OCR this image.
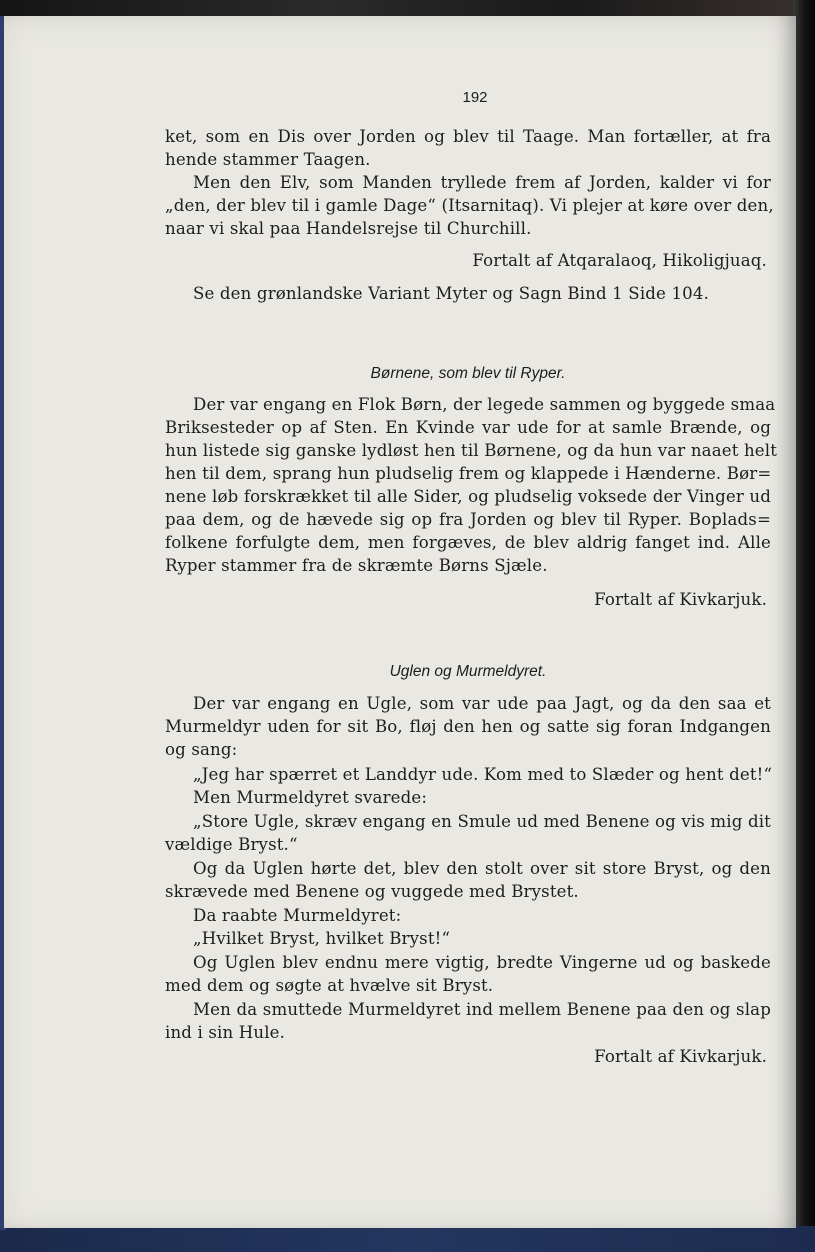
192
ket, som en Dis over Jorden og blev til Taage. Man fortæller, at fra
hende stammer Taagen.
Men den Elv, som Manden tryllede frem af Jorden, kalder vi for
„den, der blev til i gamle Dage“ (Itsarnitaq). Vi plejer at køre over den,
naar vi skal paa Handelsrejse til Churchill.
Fortalt af Atqaralaoq, Hikoligjuaq.
Se den grønlandske Variant Myter og Sagn Bind 1 Side 104.
Børnene, som blev til Ryper.
Der var engang en Flok Børn, der legede sammen og byggede smaa
Briksesteder op af Sten. En Kvinde var ude for at samle Brænde, og
hun listede sig ganske lydløst hen til Børnene, og da hun var naaet helt
hen til dem, sprang hun pludselig frem og klappede i Hænderne. Bør=
nene løb forskrækket til alle Sider, og pludselig voksede der Vinger ud
paa dem, og de hævede sig op fra Jorden og blev til Ryper. Boplads=
folkene forfulgte dem, men forgæves, de blev aldrig fanget ind. Alle
Ryper stammer fra de skræmte Børns Sjæle.
Fortalt af Kivkarjuk.
Uglen og Murmeldyret.
Der var engang en Ugle, som var ude paa Jagt, og da den saa et
Murmeldyr uden for sit Bo, fløj den hen og satte sig foran Indgangen
og sang:
„Jeg har spærret et Landdyr ude. Kom med to Slæder og hent det!“
Men Murmeldyret svarede:
„Store Ugle, skræv engang en Smule ud med Benene og vis mig dit
vældige Bryst.“
Og da Uglen hørte det, blev den stolt over sit store Bryst, og den
skrævede med Benene og vuggede med Brystet.
Da raabte Murmeldyret:
„Hvilket Bryst, hvilket Bryst!“
Og Uglen blev endnu mere vigtig, bredte Vingerne ud og baskede
med dem og søgte at hvælve sit Bryst.
Men da smuttede Murmeldyret ind mellem Benene paa den og slap
ind i sin Hule.
Fortalt af Kivkarjuk.
